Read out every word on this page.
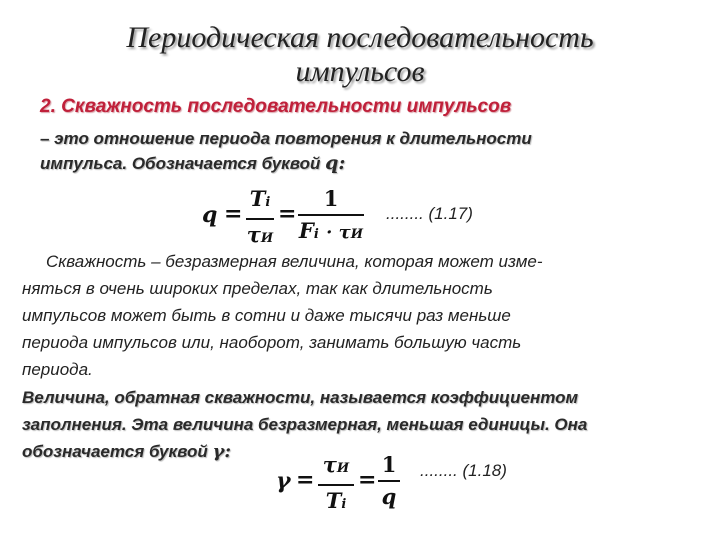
Периодическая последовательность
импульсов
2. Скважность последовательности импульсов
– это отношение периода повторения к длительности
импульса. Обозначается буквой q:
q =
Ti
τИ
=
1
Fi · τИ
........ (1.17)
Скважность – безразмерная величина, которая может изме-
няться в очень широких пределах, так как длительность
импульсов может быть в сотни и даже тысячи раз меньше
периода импульсов или, наоборот, занимать большую часть
периода.
Величина, обратная скважности, называется коэффициентом
заполнения. Эта величина безразмерная, меньшая единицы. Она
обозначается буквой γ:
γ =
τИ
Ti
=
1
q
........ (1.18)
